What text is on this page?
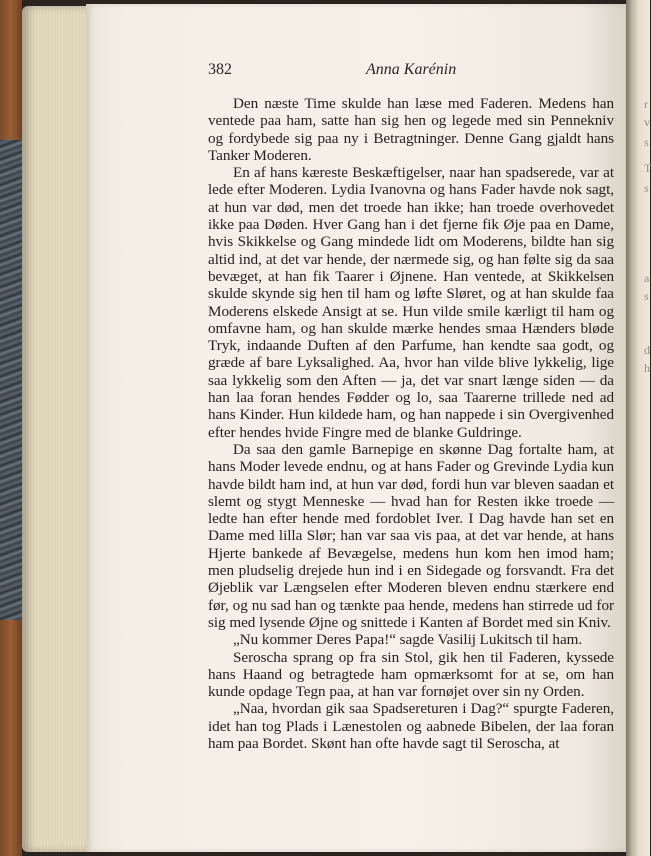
r
v
s
T
s
a
s
d
h
382	Anna Karénin

Den næste Time skulde han læse med Faderen. Medens han ventede paa ham, satte han sig hen og legede med sin Pennekniv og fordybede sig paa ny i Betragtninger. Denne Gang gjaldt hans Tanker Moderen.

En af hans kæreste Beskæftigelser, naar han spadserede, var at lede efter Moderen. Lydia Ivanovna og hans Fader havde nok sagt, at hun var død, men det troede han ikke; han troede overhovedet ikke paa Døden. Hver Gang han i det fjerne fik Øje paa en Dame, hvis Skikkelse og Gang mindede lidt om Moderens, bildte han sig altid ind, at det var hende, der nærmede sig, og han følte sig da saa bevæget, at han fik Taarer i Øjnene. Han ventede, at Skikkelsen skulde skynde sig hen til ham og løfte Sløret, og at han skulde faa Moderens elskede Ansigt at se. Hun vilde smile kærligt til ham og omfavne ham, og han skulde mærke hendes smaa Hænders bløde Tryk, indaande Duften af den Parfume, han kendte saa godt, og græde af bare Lyksalighed. Aa, hvor han vilde blive lykkelig, lige saa lykkelig som den Aften — ja, det var snart længe siden — da han laa foran hendes Fødder og lo, saa Taarerne trillede ned ad hans Kinder. Hun kildede ham, og han nappede i sin Overgivenhed efter hendes hvide Fingre med de blanke Guldringe.

Da saa den gamle Barnepige en skønne Dag fortalte ham, at hans Moder levede endnu, og at hans Fader og Grevinde Lydia kun havde bildt ham ind, at hun var død, fordi hun var bleven saadan et slemt og stygt Menneske — hvad han for Resten ikke troede — ledte han efter hende med fordoblet Iver. I Dag havde han set en Dame med lilla Slør; han var saa vis paa, at det var hende, at hans Hjerte bankede af Bevægelse, medens hun kom hen imod ham; men pludselig drejede hun ind i en Sidegade og forsvandt. Fra det Øjeblik var Længselen efter Moderen bleven endnu stærkere end før, og nu sad han og tænkte paa hende, medens han stirrede ud for sig med lysende Øjne og snittede i Kanten af Bordet med sin Kniv.

„Nu kommer Deres Papa!“ sagde Vasilij Lukitsch til ham.

Seroscha sprang op fra sin Stol, gik hen til Faderen, kyssede hans Haand og betragtede ham opmærksomt for at se, om han kunde opdage Tegn paa, at han var fornøjet over sin ny Orden.

„Naa, hvordan gik saa Spadsereturen i Dag?“ spurgte Faderen, idet han tog Plads i Lænestolen og aabnede Bibelen, der laa foran ham paa Bordet. Skønt han ofte havde sagt til Seroscha, at
